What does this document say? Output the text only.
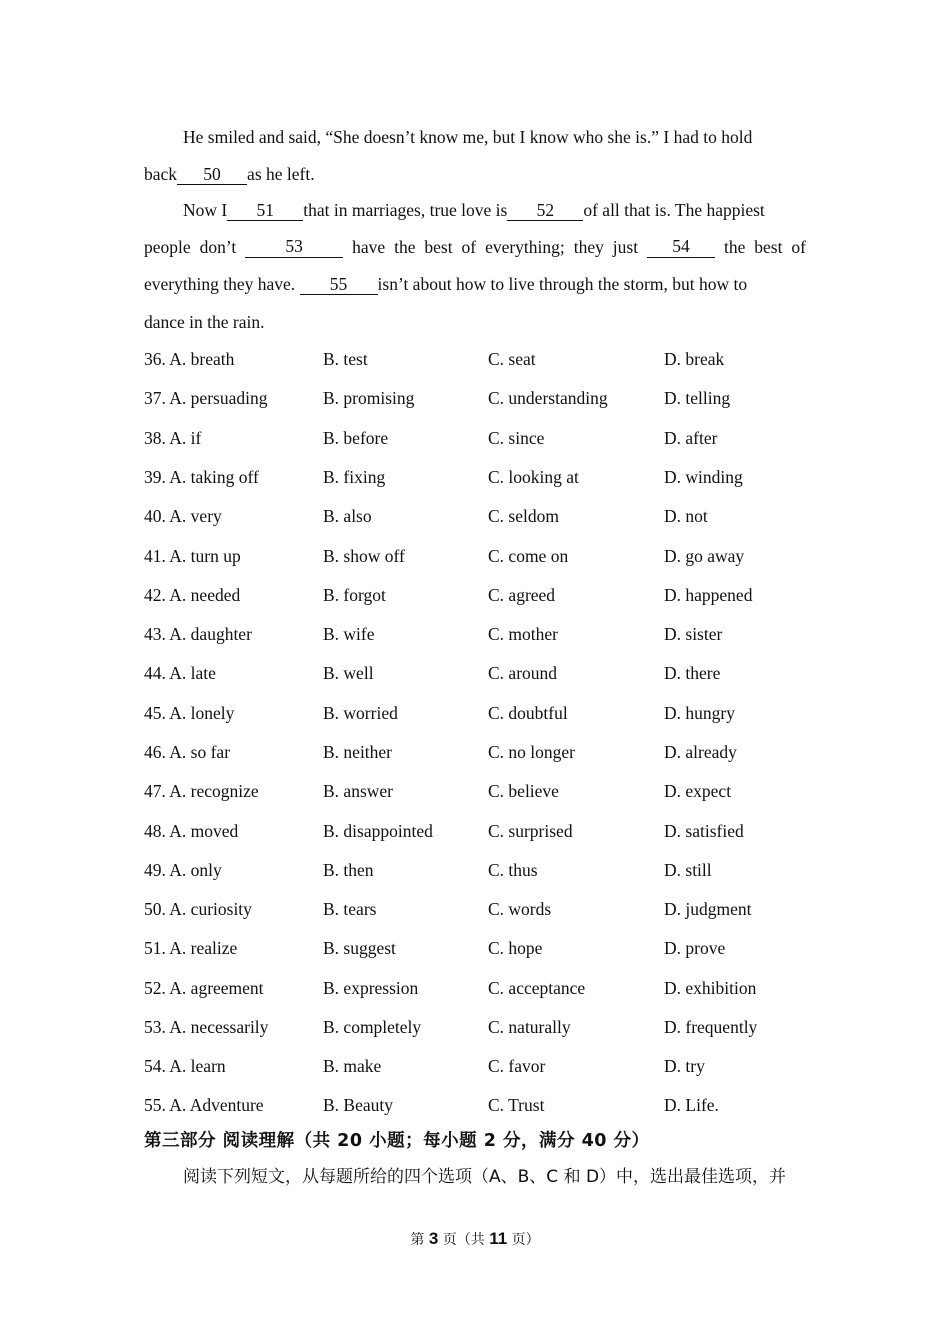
He smiled and said, “She doesn’t know me, but I know who she is.” I had to hold
back 50 as he left.
Now I 51 that in marriages, true love is 52 of all that is. The happiest
people don’t	53	have the best of everything; they just	54	the best of
everything they have. 55 isn’t about how to live through the storm, but how to
dance in the rain.
36. A. breath	B. test	C. seat	D. break
37. A. persuading	B. promising	C. understanding	D. telling
38. A. if	B. before	C. since	D. after
39. A. taking off	B. fixing	C. looking at	D. winding
40. A. very	B. also	C. seldom	D. not
41. A. turn up	B. show off	C. come on	D. go away
42. A. needed	B. forgot	C. agreed	D. happened
43. A. daughter	B. wife	C. mother	D. sister
44. A. late	B. well	C. around	D. there
45. A. lonely	B. worried	C. doubtful	D. hungry
46. A. so far	B. neither	C. no longer	D. already
47. A. recognize	B. answer	C. believe	D. expect
48. A. moved	B. disappointed	C. surprised	D. satisfied
49. A. only	B. then	C. thus	D. still
50. A. curiosity	B. tears	C. words	D. judgment
51. A. realize	B. suggest	C. hope	D. prove
52. A. agreement	B. expression	C. acceptance	D. exhibition
53. A. necessarily	B. completely	C. naturally	D. frequently
54. A. learn	B. make	C. favor	D. try
55. A. Adventure	B. Beauty	C. Trust	D. Life.
第三部分 阅读理解（共 20 小题；每小题 2 分，满分 40 分）
阅读下列短文，从每题所给的四个选项（A、B、C 和 D）中，选出最佳选项，并
第 3 页（共 11 页）
